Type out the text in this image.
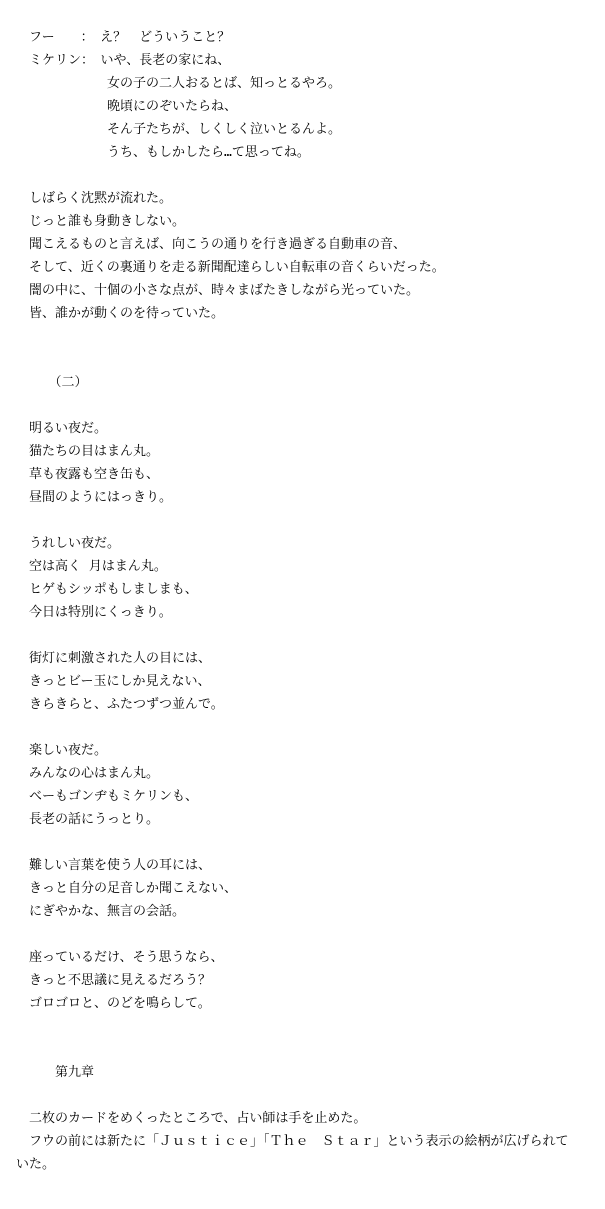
　フー　　：　え？　どういうこと？
　ミケリン：　いや、長老の家にね、
　　　　　　　女の子の二人おるとば、知っとるやろ。
　　　　　　　晩頃にのぞいたらね、
　　　　　　　そん子たちが、しくしく泣いとるんよ。
　　　　　　　うち、もしかしたら…て思ってね。

　しばらく沈黙が流れた。
　じっと誰も身動きしない。
　聞こえるものと言えば、向こうの通りを行き過ぎる自動車の音、
　そして、近くの裏通りを走る新聞配達らしい自転車の音くらいだった。
　闇の中に、十個の小さな点が、時々まばたきしながら光っていた。
　皆、誰かが動くのを待っていた。

　　　（二）

　明るい夜だ。
　猫たちの目はまん丸。
　草も夜露も空き缶も、
　昼間のようにはっきり。

　うれしい夜だ。
　空は高く 月はまん丸。
　ヒゲもシッポもしましまも、
　今日は特別にくっきり。

　街灯に刺激された人の目には、
　きっとビー玉にしか見えない、
　きらきらと、ふたつずつ並んで。

　楽しい夜だ。
　みんなの心はまん丸。
　ベーもゴンヂもミケリンも、
　長老の話にうっとり。

　難しい言葉を使う人の耳には、
　きっと自分の足音しか聞こえない、
　にぎやかな、無言の会話。

　座っているだけ、そう思うなら、
　きっと不思議に見えるだろう？
　ゴロゴロと、のどを鳴らして。

　　　第九章

　二枚のカードをめくったところで、占い師は手を止めた。
　フウの前には新たに「Ｊｕｓｔｉｃｅ」「Ｔｈｅ　Ｓｔａｒ」という表示の絵柄が広げられて
いた。
